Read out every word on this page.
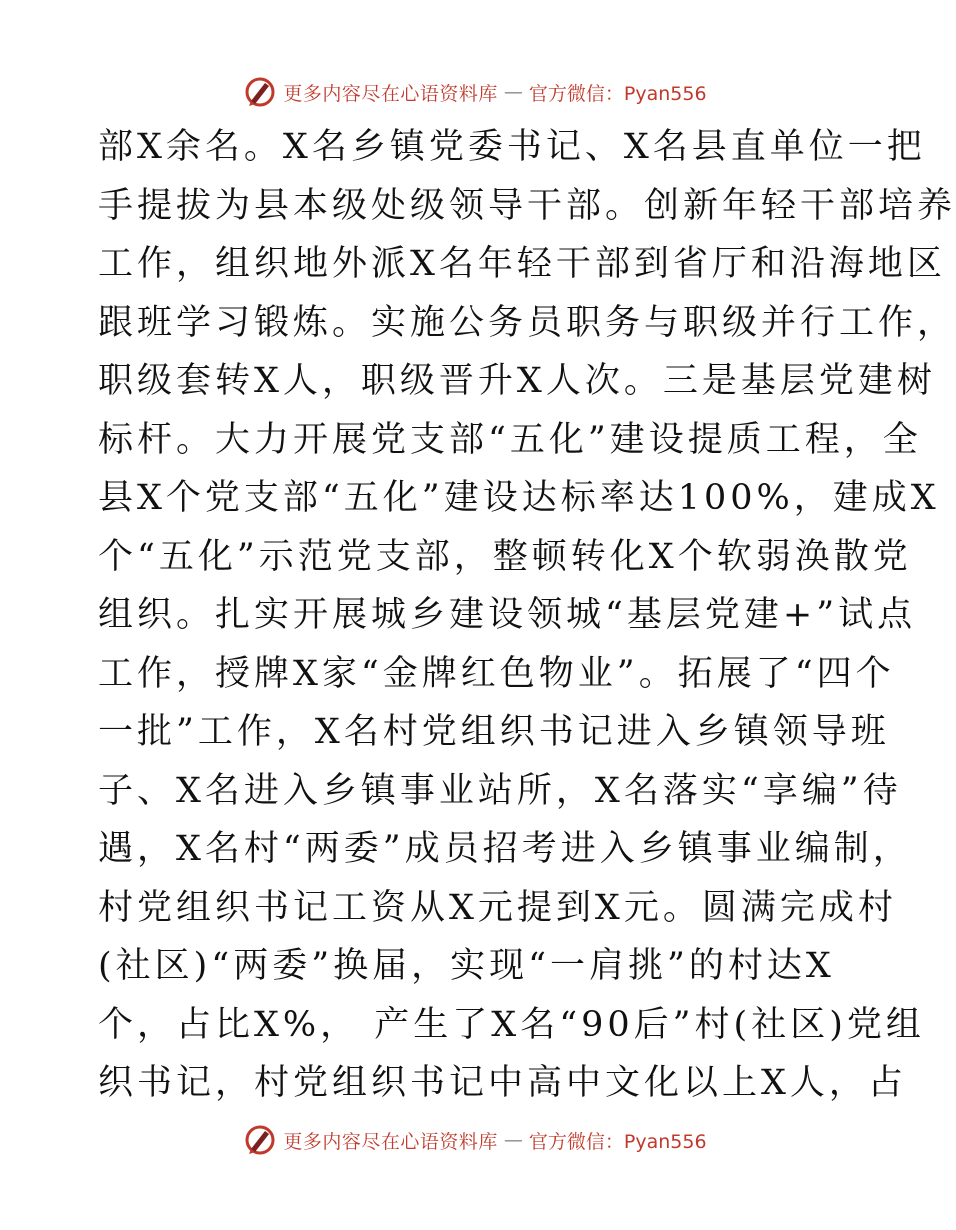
更多内容尽在心语资料库 — 官方微信：Pyan556
部X余名。X名乡镇党委书记、X名县直单位一把
手提拔为县本级处级领导干部。创新年轻干部培养
工作，组织地外派X名年轻干部到省厅和沿海地区
跟班学习锻炼。实施公务员职务与职级并行工作，
职级套转X人，职级晋升X人次。三是基层党建树
标杆。大力开展党支部“五化”建设提质工程，全
县X个党支部“五化”建设达标率达100%，建成X
个“五化”示范党支部，整顿转化X个软弱涣散党
组织。扎实开展城乡建设领城“基层党建+”试点
工作，授牌X家“金牌红色物业”。拓展了“四个
一批”工作，X名村党组织书记进入乡镇领导班
子、X名进入乡镇事业站所，X名落实“享编”待
遇，X名村“两委”成员招考进入乡镇事业编制，
村党组织书记工资从X元提到X元。圆满完成村
(社区)“两委”换届，实现“一肩挑”的村达X
个，占比X%， 产生了X名“90后”村(社区)党组
织书记，村党组织书记中高中文化以上X人，占
更多内容尽在心语资料库 — 官方微信：Pyan556
